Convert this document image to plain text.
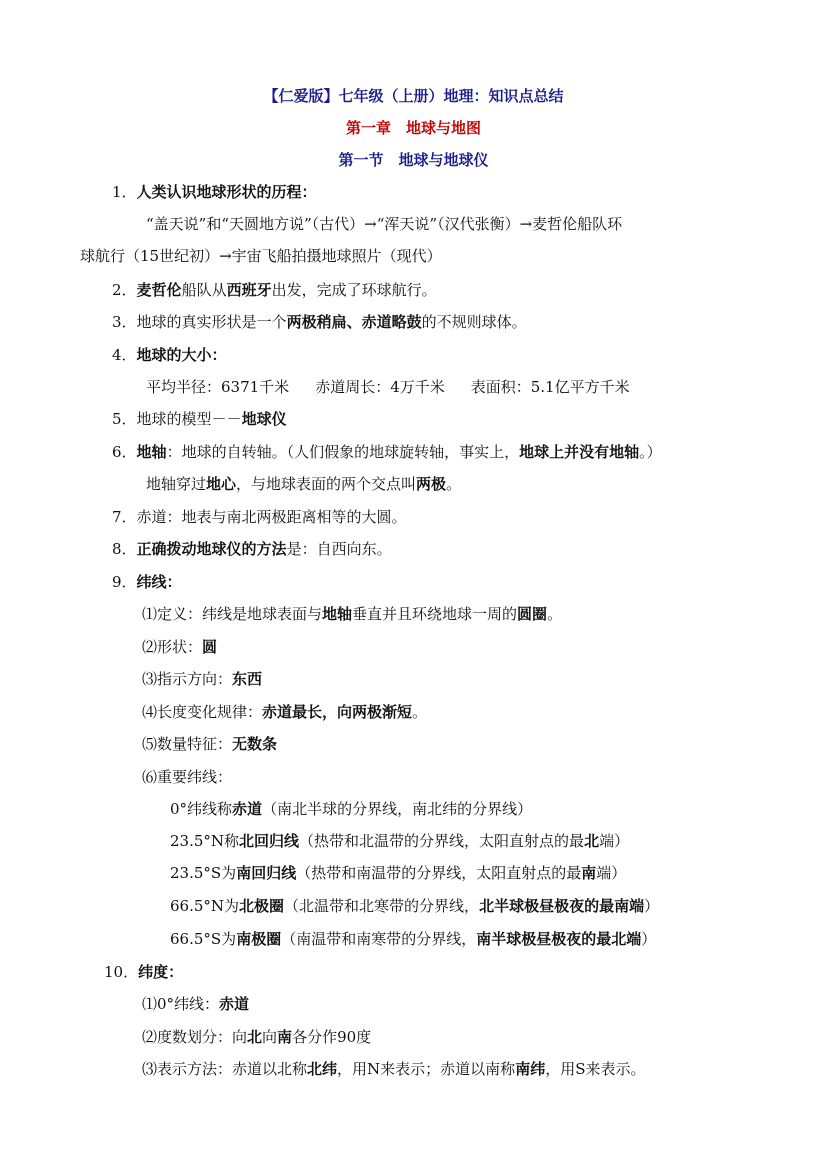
【仁爱版】七年级（上册）地理：知识点总结
第一章　地球与地图
第一节　地球与地球仪
1．人类认识地球形状的历程：
“盖天说”和“天圆地方说”（古代）→“浑天说”（汉代张衡）→麦哲伦船队环
球航行（15世纪初）→宇宙飞船拍摄地球照片（现代）
2．麦哲伦船队从西班牙出发，完成了环球航行。
3．地球的真实形状是一个两极稍扁、赤道略鼓的不规则球体。
4．地球的大小：
平均半径：6371千米 赤道周长：4万千米 表面积：5.1亿平方千米
5．地球的模型－－地球仪
6．地轴：地球的自转轴。（人们假象的地球旋转轴，事实上，地球上并没有地轴。）
地轴穿过地心，与地球表面的两个交点叫两极。
7．赤道：地表与南北两极距离相等的大圆。
8．正确拨动地球仪的方法是：自西向东。
9．纬线：
⑴定义：纬线是地球表面与地轴垂直并且环绕地球一周的圆圈。
⑵形状：圆
⑶指示方向：东西
⑷长度变化规律：赤道最长，向两极渐短。
⑸数量特征：无数条
⑹重要纬线：
0°纬线称赤道（南北半球的分界线，南北纬的分界线）
23.5°N称北回归线（热带和北温带的分界线，太阳直射点的最北端）
23.5°S为南回归线（热带和南温带的分界线，太阳直射点的最南端）
66.5°N为北极圈（北温带和北寒带的分界线，北半球极昼极夜的最南端）
66.5°S为南极圈（南温带和南寒带的分界线，南半球极昼极夜的最北端）
10．纬度：
⑴0°纬线：赤道
⑵度数划分：向北向南各分作90度
⑶表示方法：赤道以北称北纬，用N来表示；赤道以南称南纬，用S来表示。
